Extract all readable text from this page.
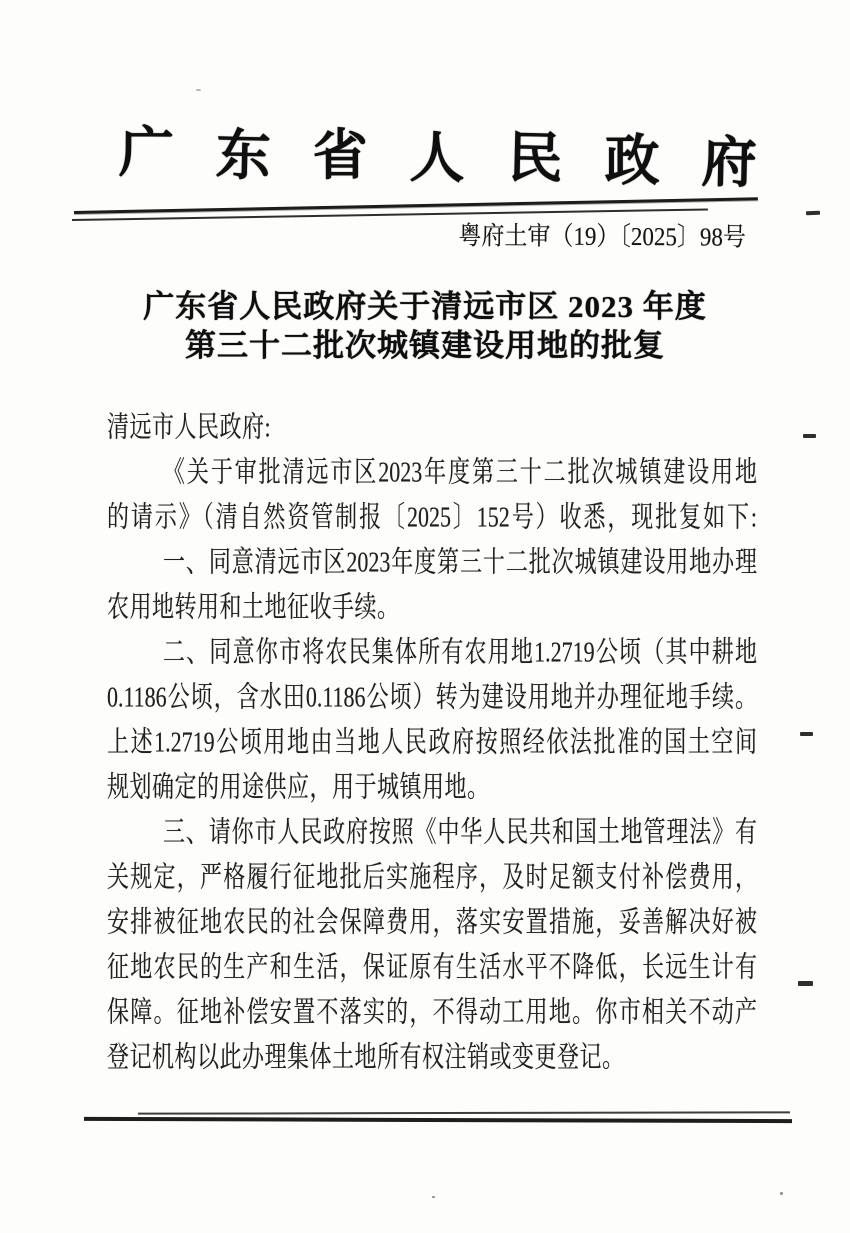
广 东 省 人 民 政 府
粤府土审（19）〔2025〕98号
广东省人民政府关于清远市区 2023 年度
第三十二批次城镇建设用地的批复
清远市人民政府:
《关于审批清远市区2023年度第三十二批次城镇建设用地
的请示》（清自然资管制报〔2025〕152号）收悉，现批复如下:
一、同意清远市区2023年度第三十二批次城镇建设用地办理
农用地转用和土地征收手续。
二、同意你市将农民集体所有农用地1.2719公顷（其中耕地
0.1186公顷，含水田0.1186公顷）转为建设用地并办理征地手续。
上述1.2719公顷用地由当地人民政府按照经依法批准的国土空间
规划确定的用途供应，用于城镇用地。
三、请你市人民政府按照《中华人民共和国土地管理法》有
关规定，严格履行征地批后实施程序，及时足额支付补偿费用，
安排被征地农民的社会保障费用，落实安置措施，妥善解决好被
征地农民的生产和生活，保证原有生活水平不降低，长远生计有
保障。征地补偿安置不落实的，不得动工用地。你市相关不动产
登记机构以此办理集体土地所有权注销或变更登记。
